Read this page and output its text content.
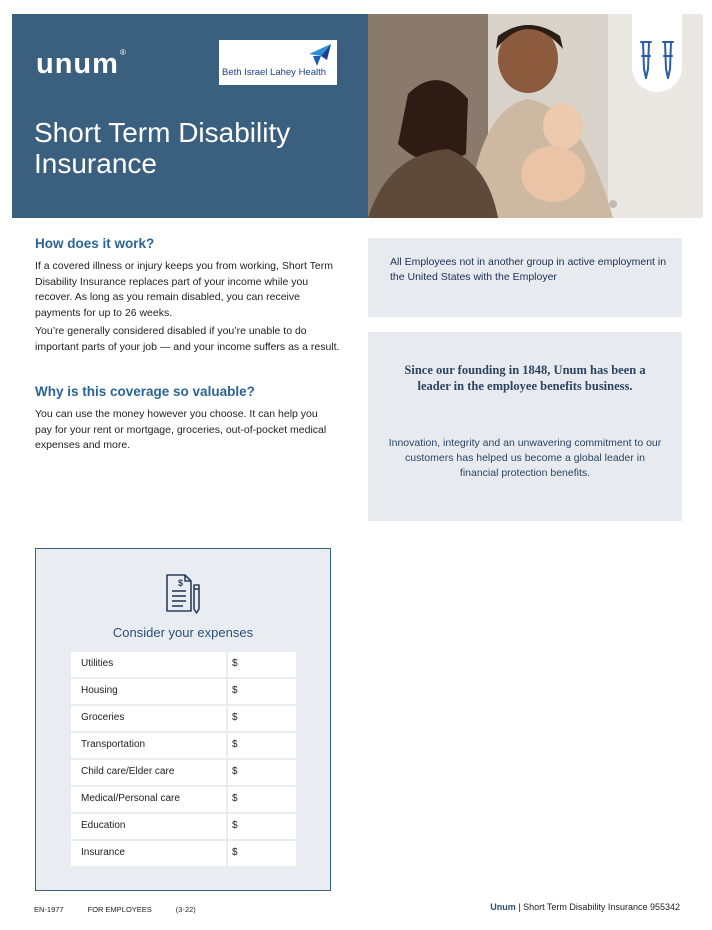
unum®
Beth Israel Lahey Health
Short Term Disability Insurance
How does it work?

If a covered illness or injury keeps you from working, Short Term Disability Insurance replaces part of your income while you recover. As long as you remain disabled, you can receive payments for up to 26 weeks.

You’re generally considered disabled if you’re unable to do important parts of your job — and your income suffers as a result.

Why is this coverage so valuable?

You can use the money however you choose. It can help you pay for your rent or mortgage, groceries, out-of-pocket medical expenses and more.

All Employees not in another group in active employment in the United States with the Employer
Since our founding in 1848, Unum has been a leader in the employee benefits business.
Innovation, integrity and an unwavering commitment to our customers has helped us become a global leader in financial protection benefits.
$
Consider your expenses
Utilities	$
Housing	$
Groceries	$
Transportation	$
Child care/Elder care	$
Medical/Personal care	$
Education	$
Insurance	$
EN-1977	FOR EMPLOYEES	(3-22)	Unum | Short Term Disability Insurance 955342
